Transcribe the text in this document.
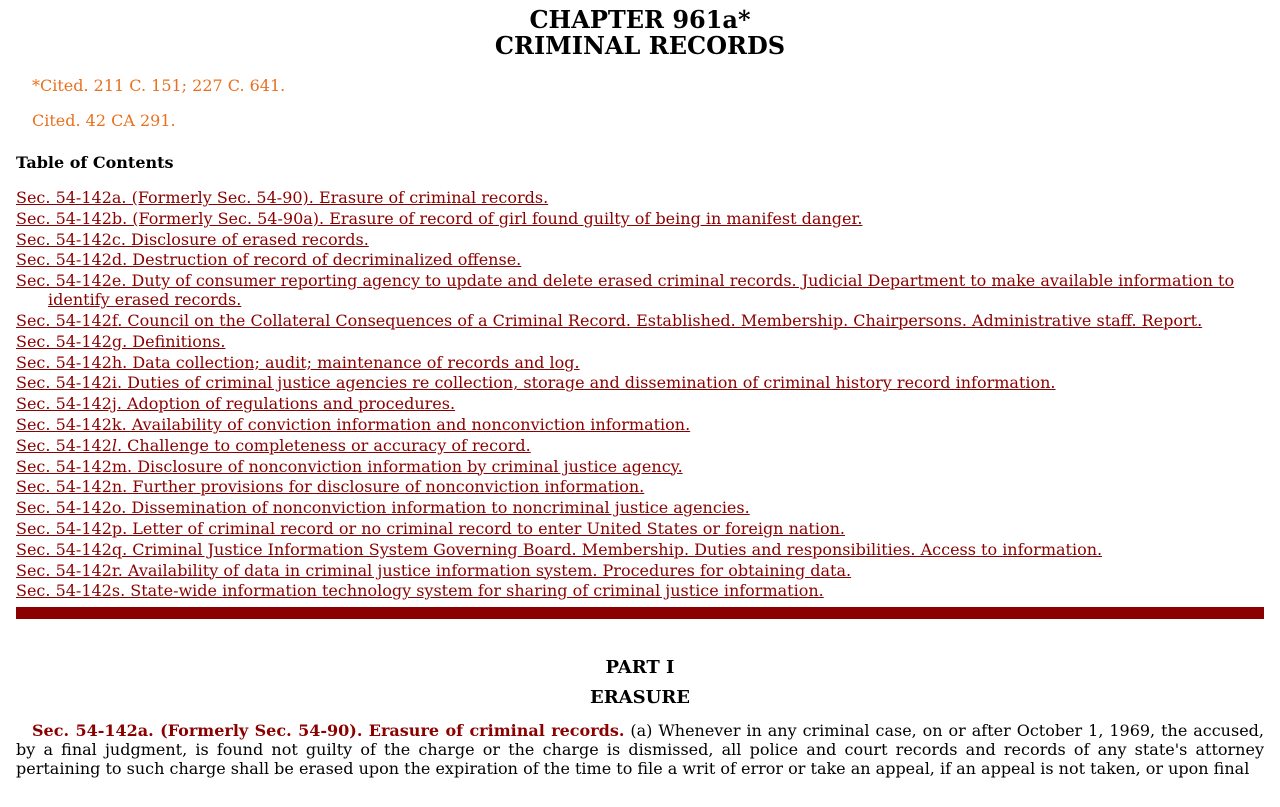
CHAPTER 961a*
CRIMINAL RECORDS

*Cited. 211 C. 151; 227 C. 641.

Cited. 42 CA 291.

Table of Contents
Sec. 54-142a. (Formerly Sec. 54-90). Erasure of criminal records.
Sec. 54-142b. (Formerly Sec. 54-90a). Erasure of record of girl found guilty of being in manifest danger.
Sec. 54-142c. Disclosure of erased records.
Sec. 54-142d. Destruction of record of decriminalized offense.
Sec. 54-142e. Duty of consumer reporting agency to update and delete erased criminal records. Judicial Department to make available information to identify erased records.
Sec. 54-142f. Council on the Collateral Consequences of a Criminal Record. Established. Membership. Chairpersons. Administrative staff. Report.
Sec. 54-142g. Definitions.
Sec. 54-142h. Data collection; audit; maintenance of records and log.
Sec. 54-142i. Duties of criminal justice agencies re collection, storage and dissemination of criminal history record information.
Sec. 54-142j. Adoption of regulations and procedures.
Sec. 54-142k. Availability of conviction information and nonconviction information.
Sec. 54-142l. Challenge to completeness or accuracy of record.
Sec. 54-142m. Disclosure of nonconviction information by criminal justice agency.
Sec. 54-142n. Further provisions for disclosure of nonconviction information.
Sec. 54-142o. Dissemination of nonconviction information to noncriminal justice agencies.
Sec. 54-142p. Letter of criminal record or no criminal record to enter United States or foreign nation.
Sec. 54-142q. Criminal Justice Information System Governing Board. Membership. Duties and responsibilities. Access to information.
Sec. 54-142r. Availability of data in criminal justice information system. Procedures for obtaining data.
Sec. 54-142s. State-wide information technology system for sharing of criminal justice information.
PART I
ERASURE

Sec. 54-142a. (Formerly Sec. 54-90). Erasure of criminal records. (a) Whenever in any criminal case, on or after October 1, 1969, the accused, by a final judgment, is found not guilty of the charge or the charge is dismissed, all police and court records and records of any state's attorney pertaining to such charge shall be erased upon the expiration of the time to file a writ of error or take an appeal, if an appeal is not taken, or upon final
